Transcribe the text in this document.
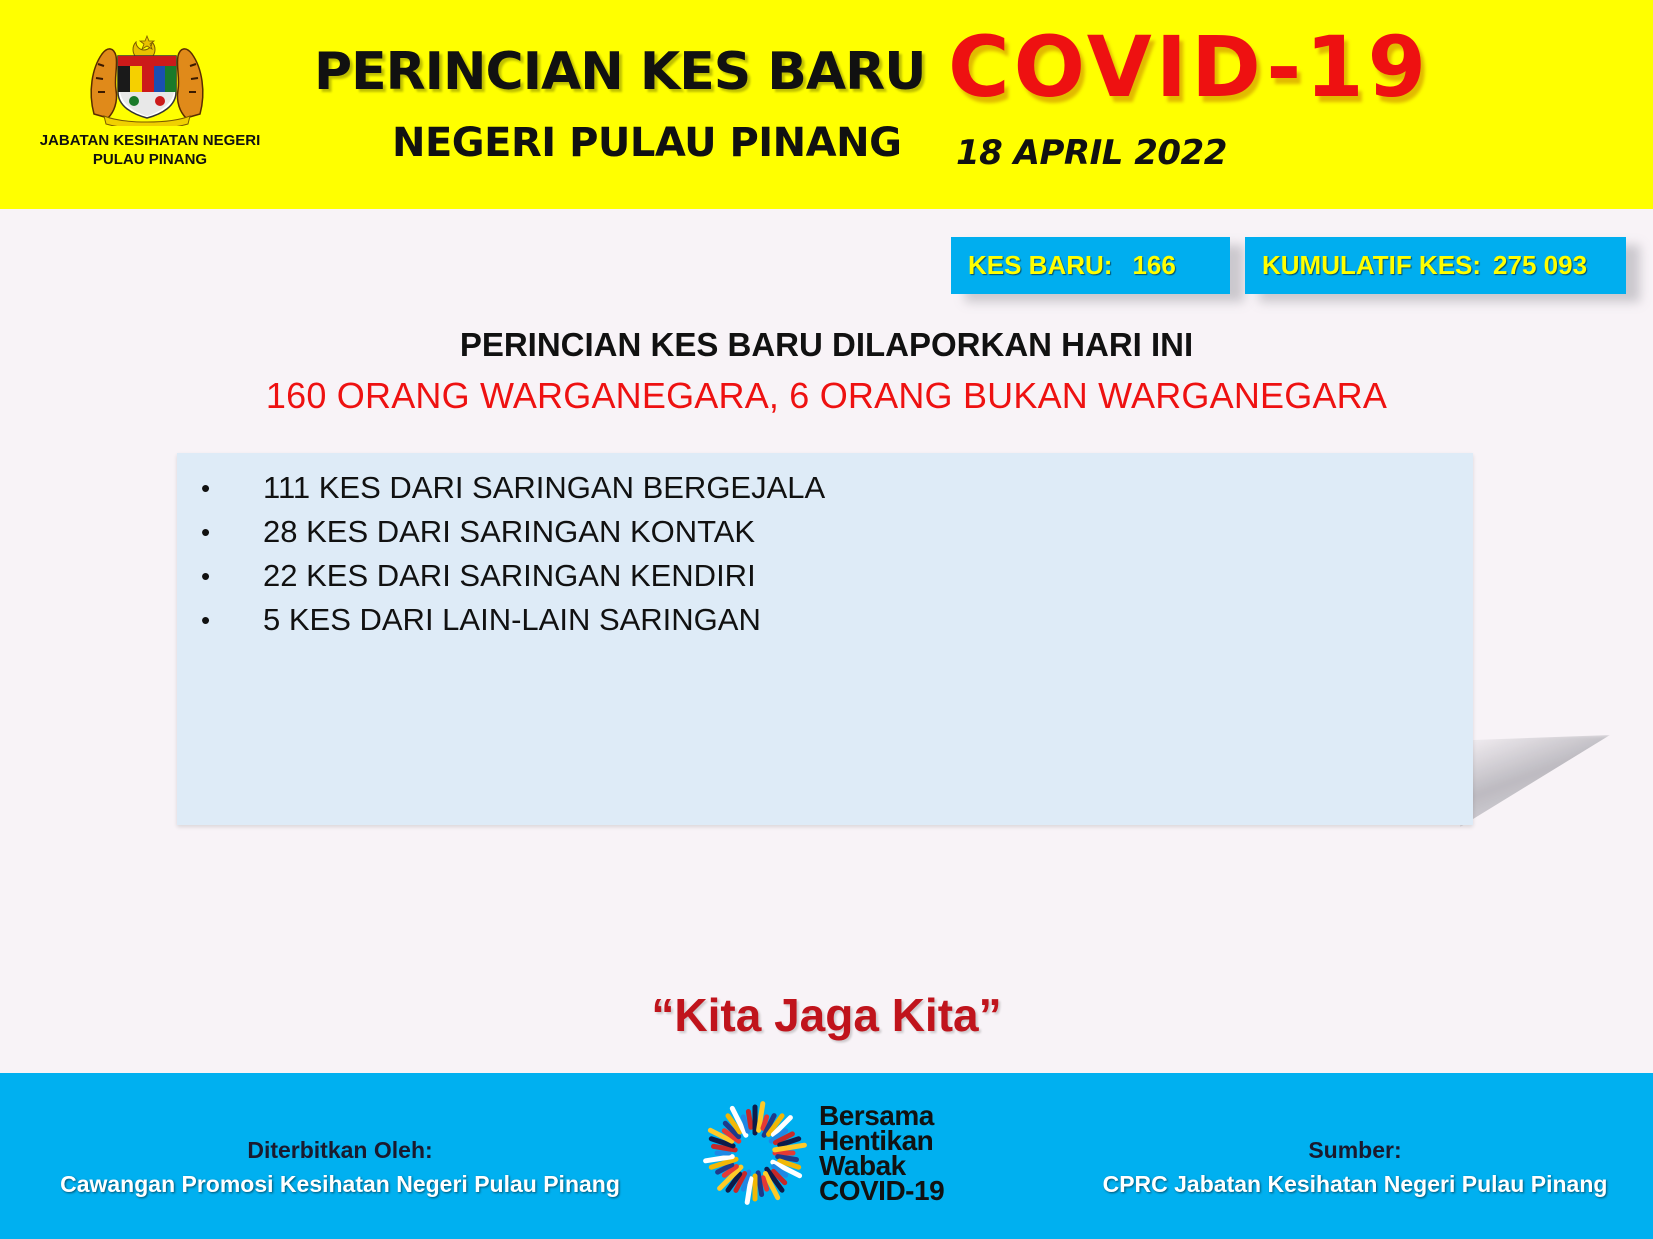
JABATAN KESIHATAN NEGERI PULAU PINANG
PERINCIAN KES BARU COVID-19
NEGERI PULAU PINANG 18 APRIL 2022
KES BARU: 166	KUMULATIF KES: 275 093
PERINCIAN KES BARU DILAPORKAN HARI INI
160 ORANG WARGANEGARA, 6 ORANG BUKAN WARGANEGARA
•	111 KES DARI SARINGAN BERGEJALA
•	28 KES DARI SARINGAN KONTAK
•	22 KES DARI SARINGAN KENDIRI
•	5 KES DARI LAIN-LAIN SARINGAN
“Kita Jaga Kita”
Diterbitkan Oleh:
Cawangan Promosi Kesihatan Negeri Pulau Pinang
Bersama
Hentikan
Wabak
COVID-19
Sumber:
CPRC Jabatan Kesihatan Negeri Pulau Pinang
